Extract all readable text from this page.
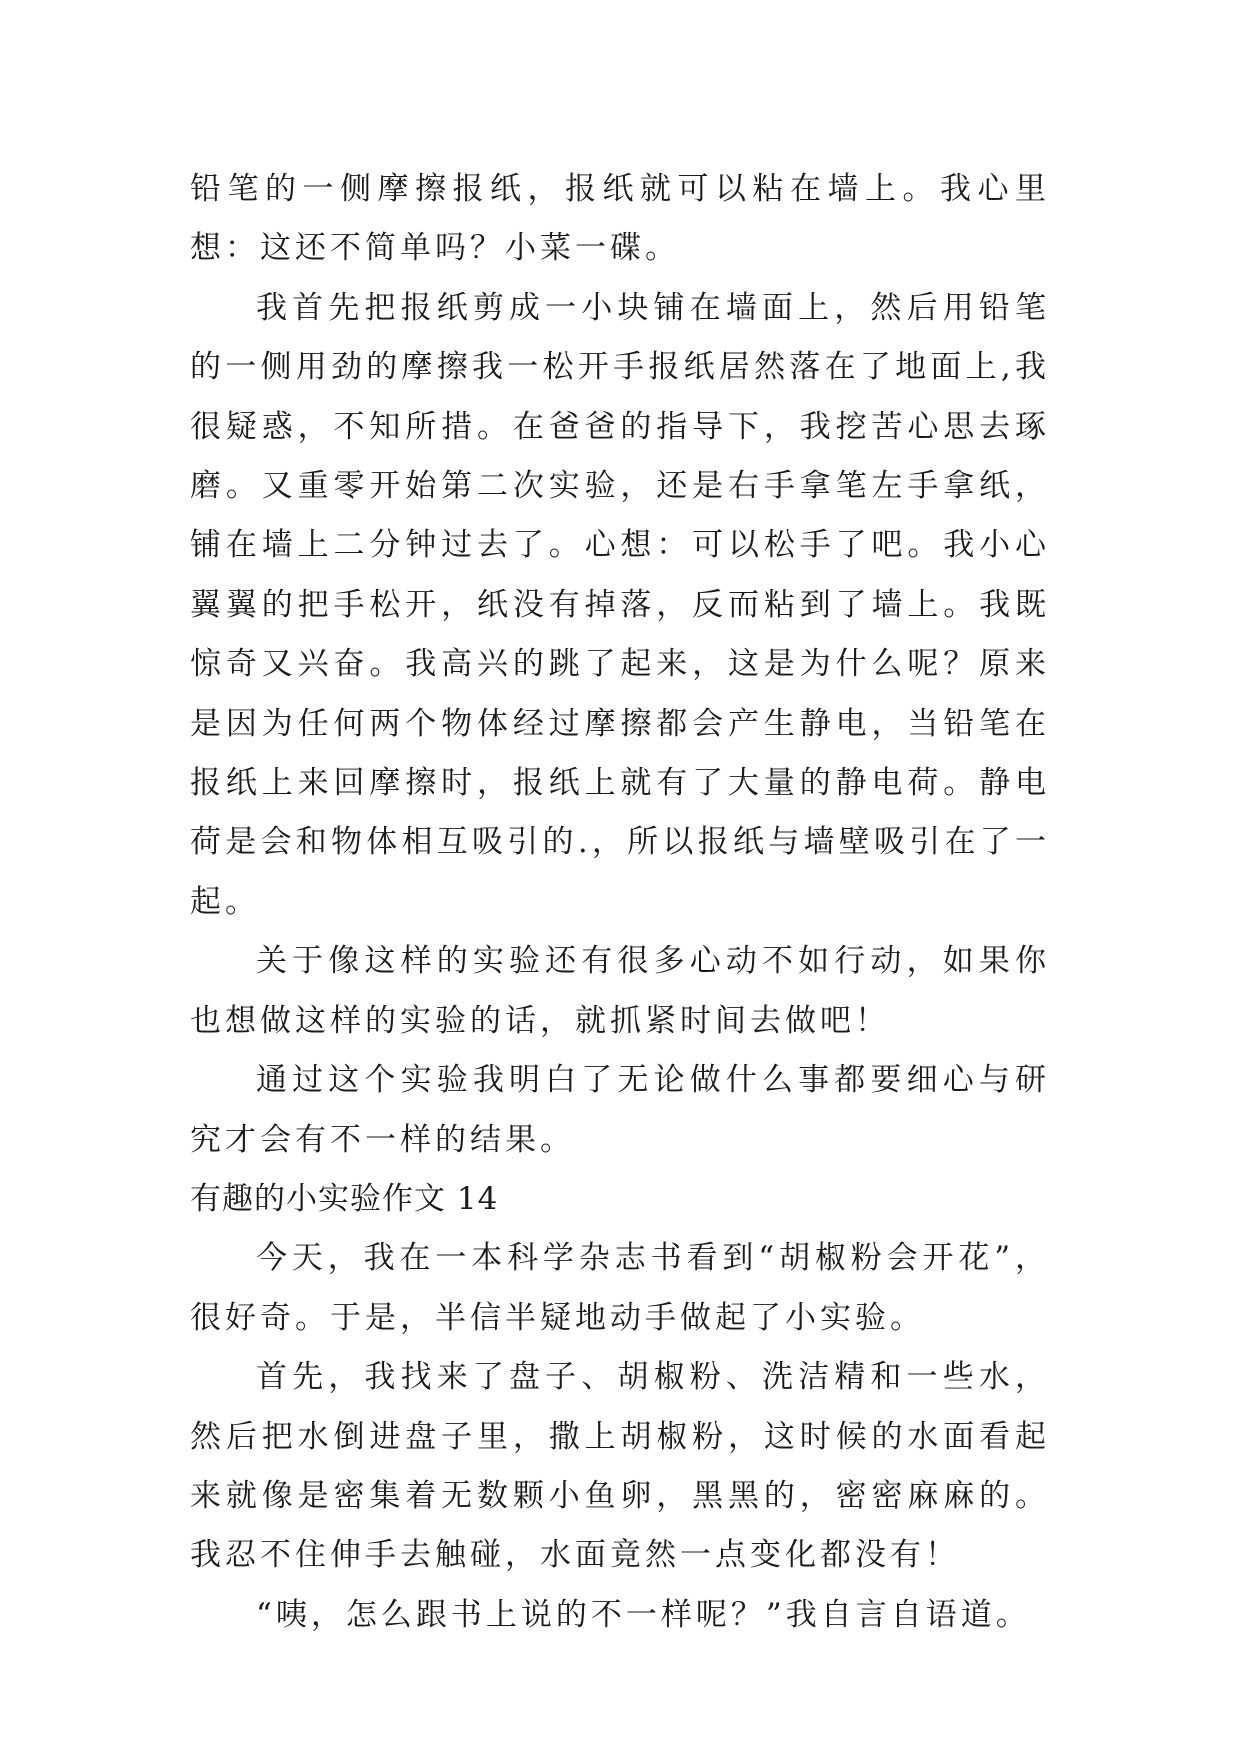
铅笔的一侧摩擦报纸，报纸就可以粘在墙上。我心里想：这还不简单吗？小菜一碟。

我首先把报纸剪成一小块铺在墙面上，然后用铅笔的一侧用劲的摩擦我一松开手报纸居然落在了地面上,我很疑惑，不知所措。在爸爸的指导下，我挖苦心思去琢磨。又重零开始第二次实验，还是右手拿笔左手拿纸，铺在墙上二分钟过去了。心想：可以松手了吧。我小心翼翼的把手松开，纸没有掉落，反而粘到了墙上。我既惊奇又兴奋。我高兴的跳了起来，这是为什么呢？原来是因为任何两个物体经过摩擦都会产生静电，当铅笔在报纸上来回摩擦时，报纸上就有了大量的静电荷。静电荷是会和物体相互吸引的.，所以报纸与墙壁吸引在了一起。

关于像这样的实验还有很多心动不如行动，如果你也想做这样的实验的话，就抓紧时间去做吧！

通过这个实验我明白了无论做什么事都要细心与研究才会有不一样的结果。

有趣的小实验作文 14

今天，我在一本科学杂志书看到“胡椒粉会开花”，很好奇。于是，半信半疑地动手做起了小实验。

首先，我找来了盘子、胡椒粉、洗洁精和一些水，然后把水倒进盘子里，撒上胡椒粉，这时候的水面看起来就像是密集着无数颗小鱼卵，黑黑的，密密麻麻的。我忍不住伸手去触碰，水面竟然一点变化都没有！

“咦，怎么跟书上说的不一样呢？”我自言自语道。
